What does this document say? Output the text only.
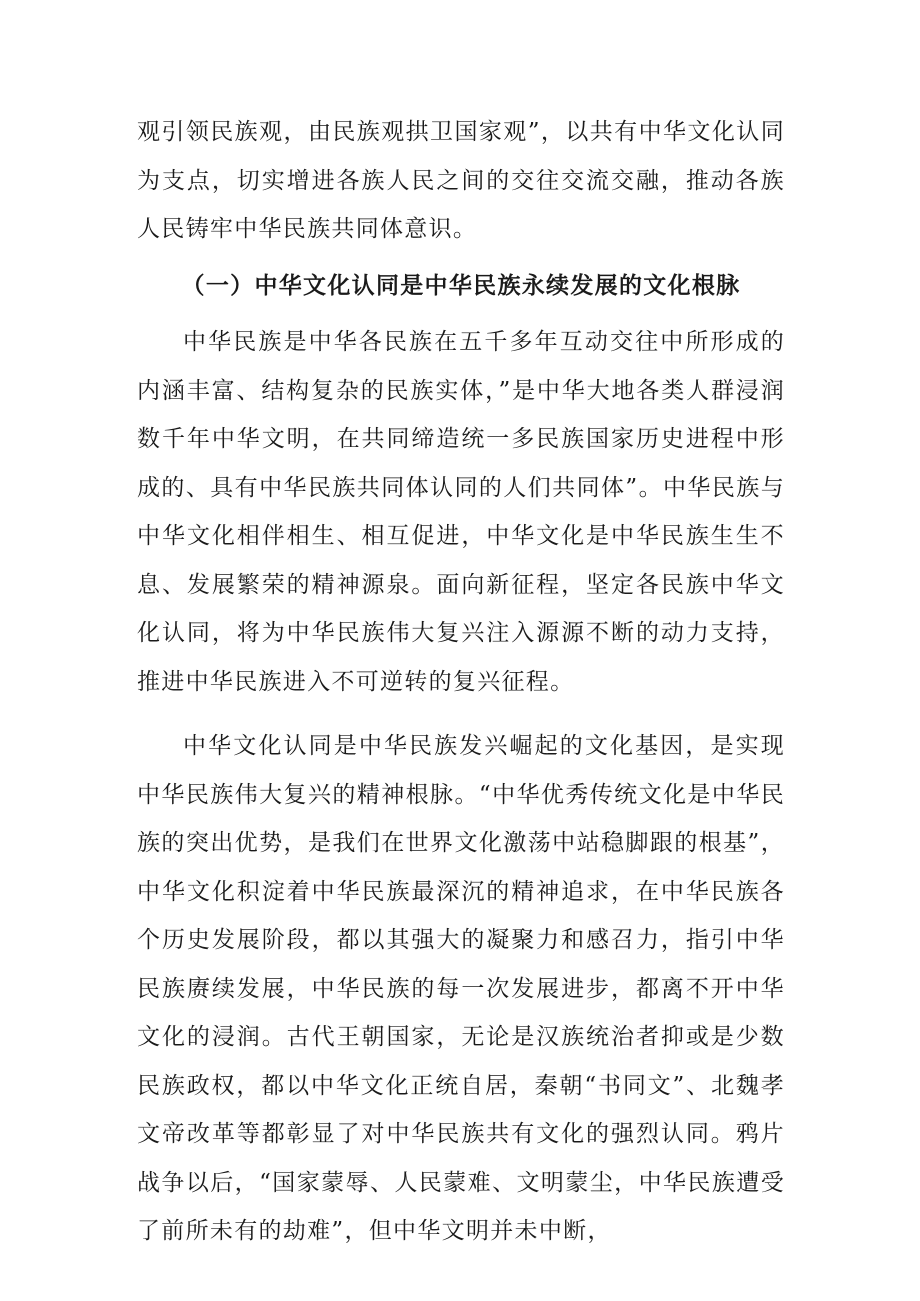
观引领民族观，由民族观拱卫国家观”，以共有中华文化认同为支点，切实增进各族人民之间的交往交流交融，推动各族人民铸牢中华民族共同体意识。

（一）中华文化认同是中华民族永续发展的文化根脉

中华民族是中华各民族在五千多年互动交往中所形成的内涵丰富、结构复杂的民族实体，”是中华大地各类人群浸润数千年中华文明，在共同缔造统一多民族国家历史进程中形成的、具有中华民族共同体认同的人们共同体”。中华民族与中华文化相伴相生、相互促进，中华文化是中华民族生生不息、发展繁荣的精神源泉。面向新征程，坚定各民族中华文化认同，将为中华民族伟大复兴注入源源不断的动力支持，推进中华民族进入不可逆转的复兴征程。

中华文化认同是中华民族发兴崛起的文化基因，是实现中华民族伟大复兴的精神根脉。“中华优秀传统文化是中华民族的突出优势，是我们在世界文化激荡中站稳脚跟的根基”，中华文化积淀着中华民族最深沉的精神追求，在中华民族各个历史发展阶段，都以其强大的凝聚力和感召力，指引中华民族赓续发展，中华民族的每一次发展进步，都离不开中华文化的浸润。古代王朝国家，无论是汉族统治者抑或是少数民族政权，都以中华文化正统自居，秦朝“书同文”、北魏孝文帝改革等都彰显了对中华民族共有文化的强烈认同。鸦片战争以后，“国家蒙辱、人民蒙难、文明蒙尘，中华民族遭受了前所未有的劫难”，但中华文明并未中断，
